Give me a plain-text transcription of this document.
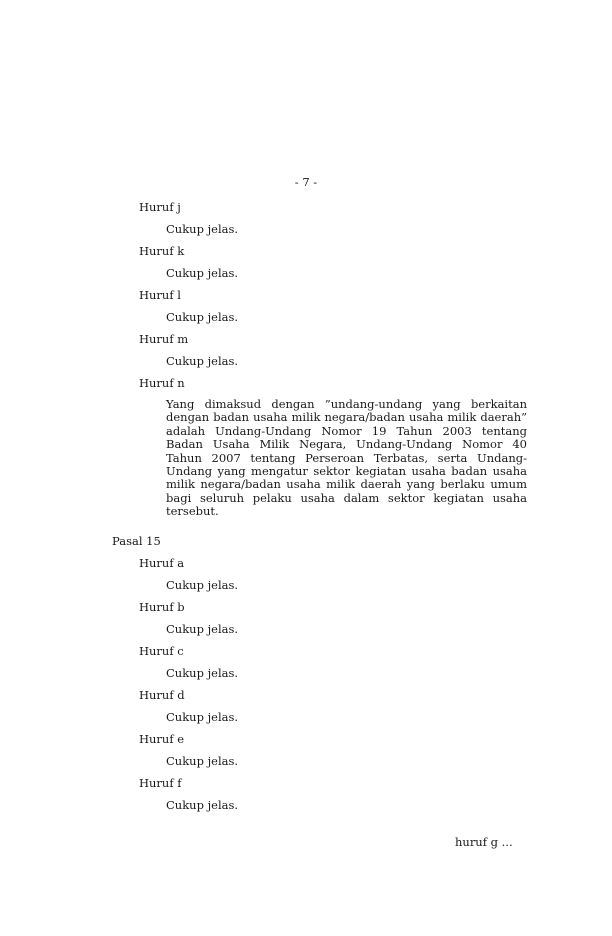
- 7 -
Huruf j
Cukup jelas.
Huruf k
Cukup jelas.
Huruf l
Cukup jelas.
Huruf m
Cukup jelas.
Huruf n
Yang dimaksud dengan ”undang-undang yang berkaitan dengan badan usaha milik negara/badan usaha milik daerah” adalah Undang-Undang Nomor 19 Tahun 2003 tentang Badan Usaha Milik Negara, Undang-Undang Nomor 40 Tahun 2007 tentang Perseroan Terbatas, serta Undang-Undang yang mengatur sektor kegiatan usaha badan usaha milik negara/badan usaha milik daerah yang berlaku umum bagi seluruh pelaku usaha dalam sektor kegiatan usaha tersebut.
Pasal 15
Huruf a
Cukup jelas.
Huruf b
Cukup jelas.
Huruf c
Cukup jelas.
Huruf d
Cukup jelas.
Huruf e
Cukup jelas.
Huruf f
Cukup jelas.
huruf g ...
